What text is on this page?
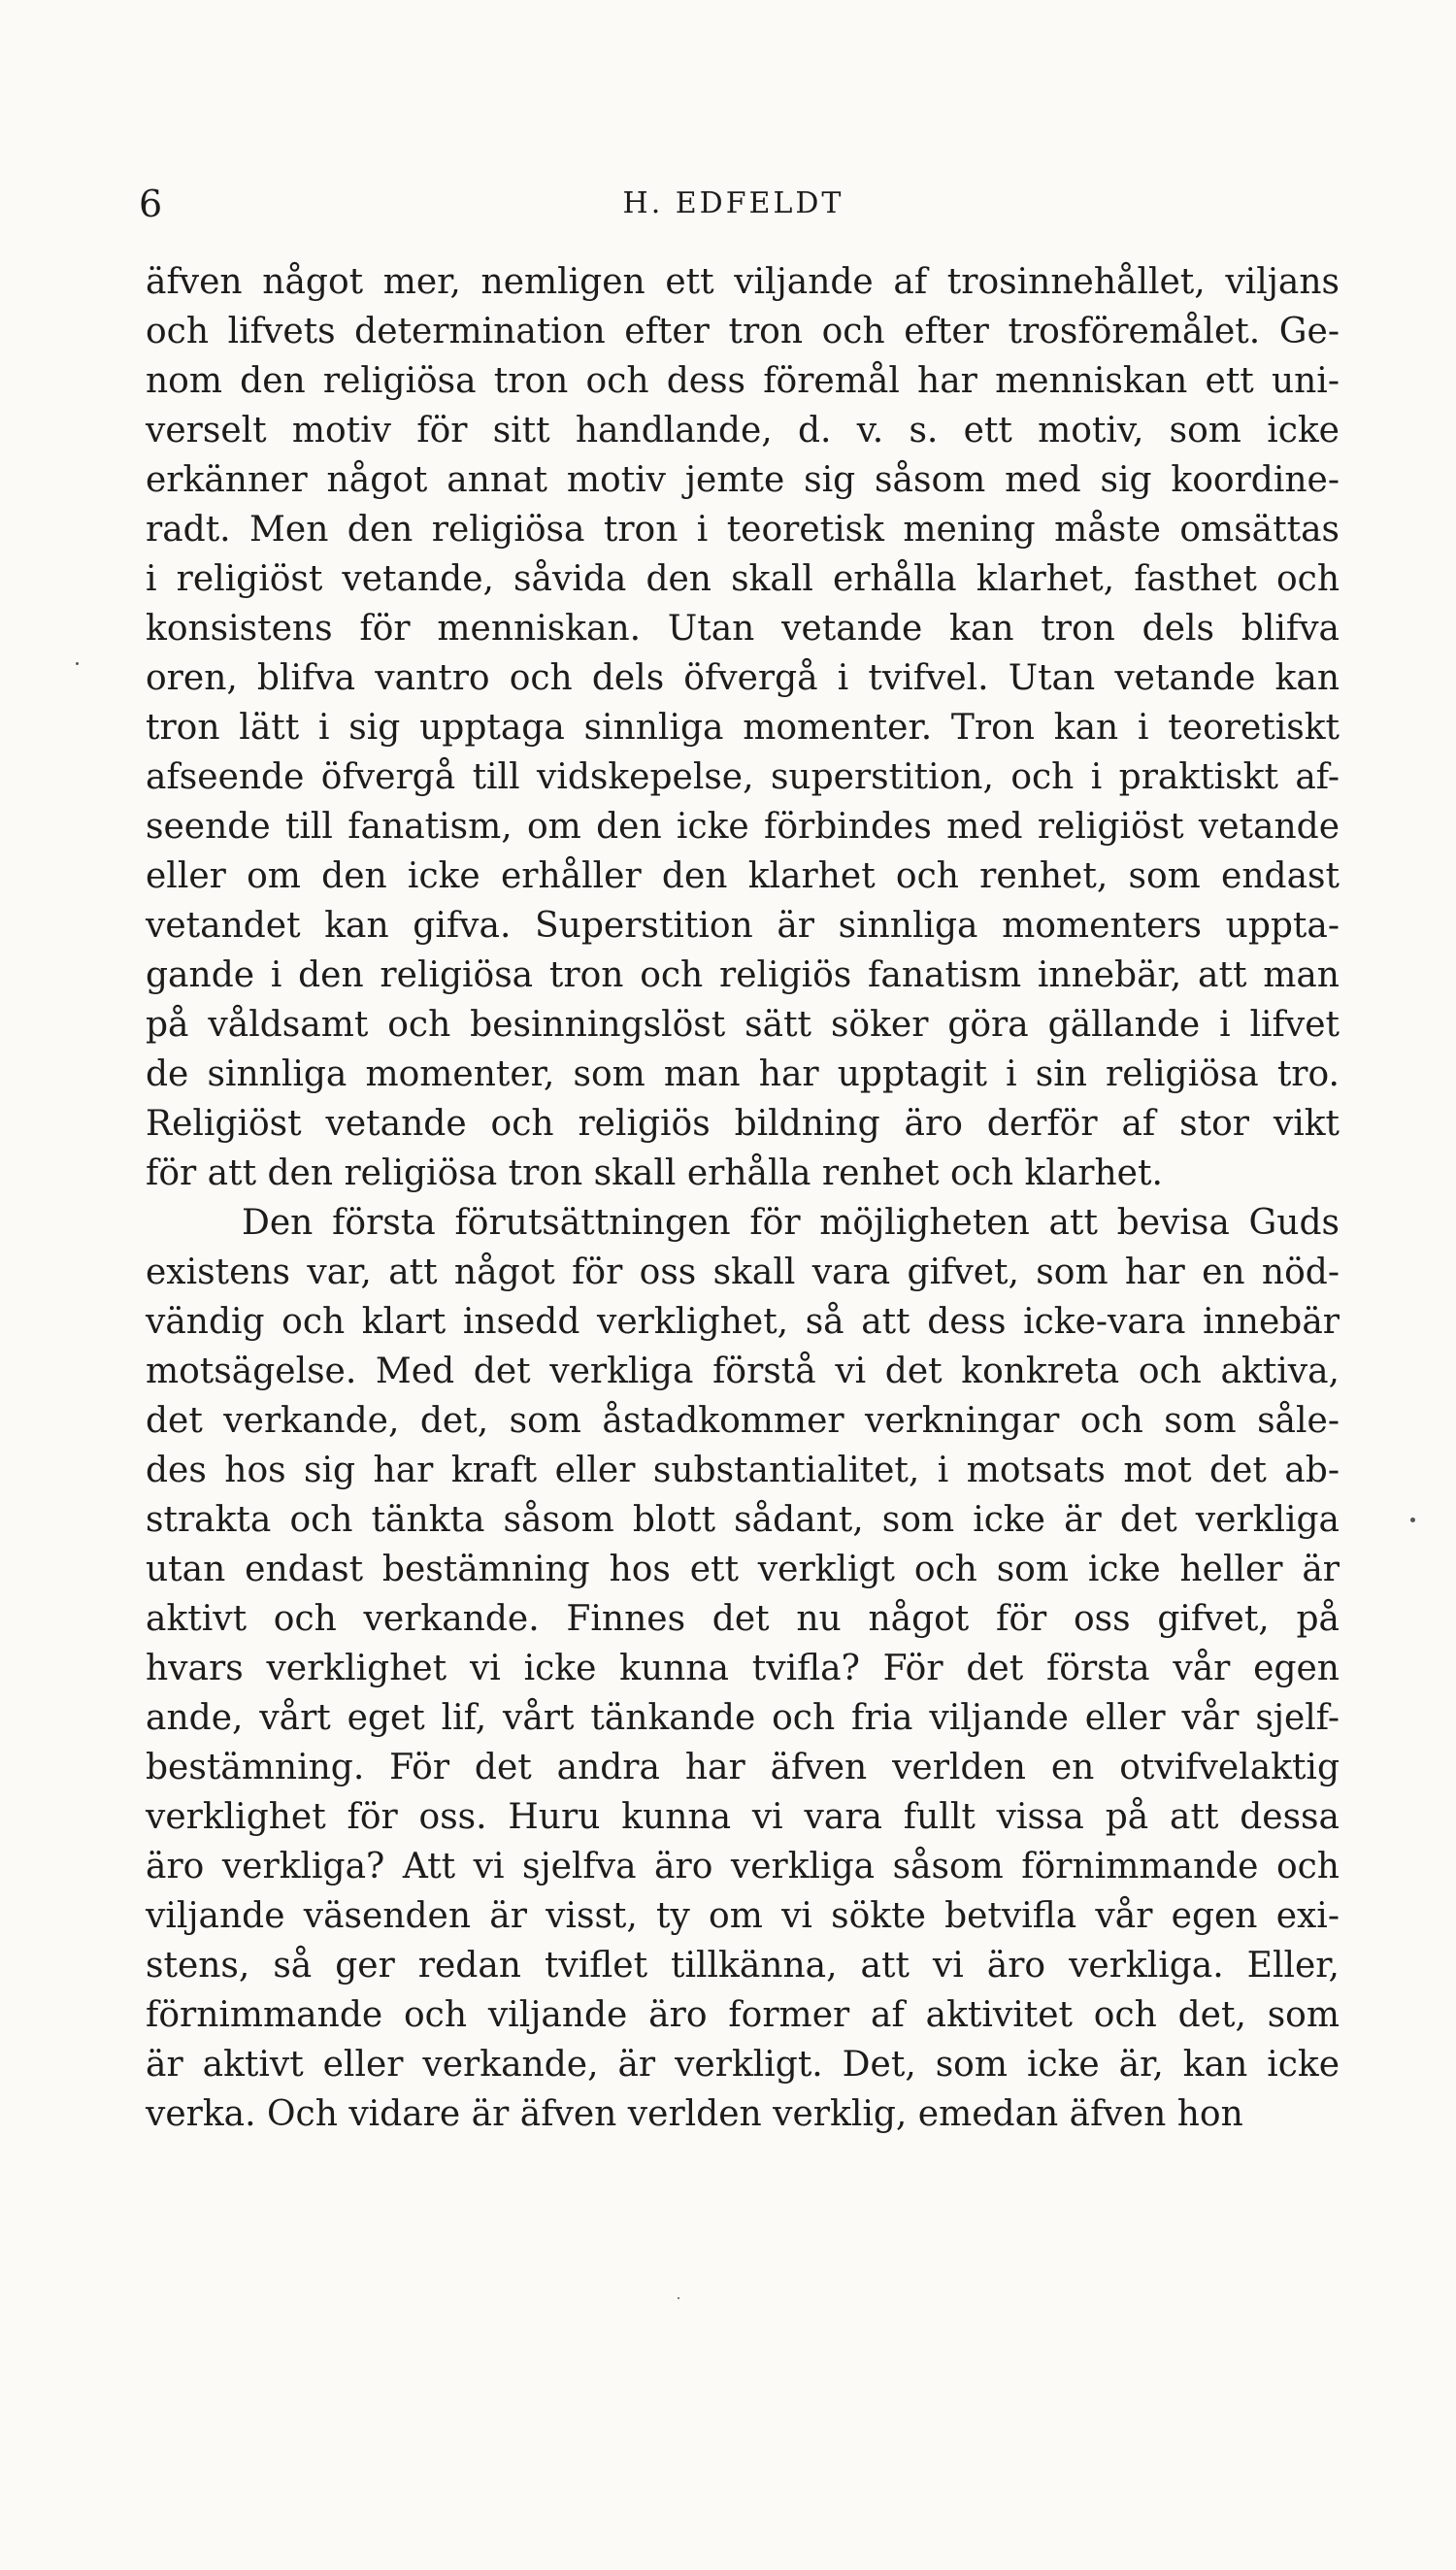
6	H. EDFELDT
äfven något mer, nemligen ett viljande af trosinnehållet, viljans
och lifvets determination efter tron och efter trosföremålet. Ge-
nom den religiösa tron och dess föremål har menniskan ett uni-
verselt motiv för sitt handlande, d. v. s. ett motiv, som icke
erkänner något annat motiv jemte sig såsom med sig koordine-
radt. Men den religiösa tron i teoretisk mening måste omsättas
i religiöst vetande, såvida den skall erhålla klarhet, fasthet och
konsistens för menniskan. Utan vetande kan tron dels blifva
oren, blifva vantro och dels öfvergå i tvifvel. Utan vetande kan
tron lätt i sig upptaga sinnliga momenter. Tron kan i teoretiskt
afseende öfvergå till vidskepelse, superstition, och i praktiskt af-
seende till fanatism, om den icke förbindes med religiöst vetande
eller om den icke erhåller den klarhet och renhet, som endast
vetandet kan gifva. Superstition är sinnliga momenters uppta-
gande i den religiösa tron och religiös fanatism innebär, att man
på våldsamt och besinningslöst sätt söker göra gällande i lifvet
de sinnliga momenter, som man har upptagit i sin religiösa tro.
Religiöst vetande och religiös bildning äro derför af stor vikt
för att den religiösa tron skall erhålla renhet och klarhet.
Den första förutsättningen för möjligheten att bevisa Guds
existens var, att något för oss skall vara gifvet, som har en nöd-
vändig och klart insedd verklighet, så att dess icke-vara innebär
motsägelse. Med det verkliga förstå vi det konkreta och aktiva,
det verkande, det, som åstadkommer verkningar och som såle-
des hos sig har kraft eller substantialitet, i motsats mot det ab-
strakta och tänkta såsom blott sådant, som icke är det verkliga
utan endast bestämning hos ett verkligt och som icke heller är
aktivt och verkande. Finnes det nu något för oss gifvet, på
hvars verklighet vi icke kunna tvifla? För det första vår egen
ande, vårt eget lif, vårt tänkande och fria viljande eller vår sjelf-
bestämning. För det andra har äfven verlden en otvifvelaktig
verklighet för oss. Huru kunna vi vara fullt vissa på att dessa
äro verkliga? Att vi sjelfva äro verkliga såsom förnimmande och
viljande väsenden är visst, ty om vi sökte betvifla vår egen exi-
stens, så ger redan tviflet tillkänna, att vi äro verkliga. Eller,
förnimmande och viljande äro former af aktivitet och det, som
är aktivt eller verkande, är verkligt. Det, som icke är, kan icke
verka. Och vidare är äfven verlden verklig, emedan äfven hon
